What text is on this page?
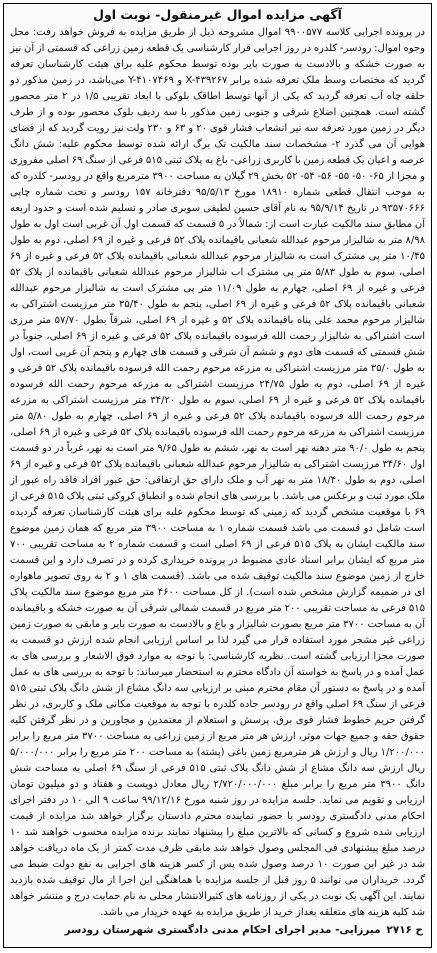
آگهی مزایده اموال غیرمنقول- نوبت اول

در پرونده اجرایی کلاسه ۹۹۰۰۵۷۷ اموال مشروحه ذیل از طریق مزایده به فروش خواهد رفت: محل وجوه اموال: رودسر- کلدره در روز اجرایی قرار کارشناسی یک قطعه زمین زراعی که قسمتی از آن نیز به صورت خشکه و بالادست به صورت بایر بوده توسط محکوم علیه برای هیئت کارشناسان تعرفه گردید که مختصات وسط ملک تعرفه شده برابر X-۴۳۹۲۶۷ و Y-۴۱۰۷۴۶۹ می‌باشد، در زمین مذکور دو حلقه چاه آب تعرفه گردید که یکی از آنها توسط اطاقک بلوکی با ابعاد تقریبی ۱/۵ در ۲ متر محصور گشته است. همچنین اضلاع شرقی و جنوبی زمین مذکور با سه ردیف بلوک محصور بوده و از طرف دیگر در زمین مورد تعرفه سه تیر انشعاب فشار قوی ۲۰ و ۶۳ و ۲۳۰ ولت نیز رویت گردید که از فضای هوایی آن می گذرد ۲- مشخصات سند مالکیت تک برگ ارائه شده توسط محکوم علیه: شش دانگ عرصه و اعیان یک قطعه زمین با کاربری زراعی- باغ به پلاک ثبتی ۵۱۵ فرعی از سنگ ۶۹ اصلی مفروزی و مجزا از ۶۵- ۵۰- ۵۵- ۵۶- ۵۴- ۵۲ بخش ۲۹ گیلان به مساحت ۳۹۰۰ مترمربع واقع در رودسر- کلدره که به موجب انتقال قطعی شماره ۱۸۹۱۰ مورخ ۹۵/۵/۱۳ دفترخانه ۱۵۷ رودسر و تحت شماره چاپی ۹۳۵۷۰۶۶۶ در تاریخ ۹۵/۹/۱۴ به نام آقای حسین لطیفی سوبری صادر و تسلیم شده است و حدود اربعه آن مطابق سند مالکیت عبارت است از: شمالاً در ۵ قسمت که قسمت اول آن غربی است اول به طول ۸/۹۸ متر به شالیزار مرحوم عبدالله شعبانی باقیمانده پلاک ۵۲ فرعی و غیره از ۶۹ اصلی، دوم به طول ۱۰/۴۵ متر پی مشترک است به شالیزار مرحوم عبدالله شعبانی باقیمانده پلاک ۵۲ فرعی و غیره از ۶۹ اصلی، سوم به طول ۵/۸۳ متر پی مشترک اب شالیزار مرحوم عبدالله شعبانی باقیمانده از پلاک ۵۲ فرعی و غیره از ۶۹ اصلی، چهارم به طول ۱۱/۰۹ متر پی مشترک است به شالیزار مرحوم عبدالله شعبانی باقیمانده پلاک ۵۲ فرعی و غیره از ۶۹ اصلی، پنجم به طول ۳۵/۴۰ متر مرزیست اشتراکی به شالیزار مرحوم محمد علی پناه باقیمانده پلاک ۵۲ و غیره از ۶۹ اصلی، شرقاً بطول ۵۷/۷۰ متر مرزی است اشتراکی به شالیزار رحمت الله فرسوده باقیمانده پلاک ۵۲ فرعی و غیره از ۶۹ اصلی، جنوباً در شش قسمتی که قسمت های دوم و ششم آن شرقی و قسمت های چهارم و پنجم آن غربی است، اول به طول ۳۵/۰ متر مرزیست اشتراکی به مزرعه مرحوم رحمت الله فرسوده باقیمانده پلاک ۵۲ فرعی و غیره از ۶۹ اصلی، دوم به طول ۲۴/۷۵ مرزیست اشتراکی به مزرعه مرحوم رحمت الله فرسوده باقیمانده پلاک ۵۲ فرعی و غیره از ۶۹ اصلی، سوم به طول ۳۴/۲۰ متر مرزیست اشتراکی به مزرعه مرحوم رحمت الله فرسوده باقیمانده پلاک ۵۲ فرعی و غیره از ۶۹ اصلی، چهارم به طول ۵/۸۰ متر مرزیست اشتراکی به مزرعه مرحوم رحمت الله فرسوده باقیمانده پلاک ۵۲ فرعی و غیره از ۶۹ اصلی، پنجم به طول ۹۰/۰ متر دهنه نهر است به نهر، ششم به طول ۹/۶۵ متر است به نهر، غرباً در دو قسمت اول ۳۴/۶۰ مرزیست اشتراکی به شالیزار مرحوم عبدالله شعبانی باقیمانده پلاک ۵۲ فرعی و غیره از ۶۹ اصلی، دوم به طول ۱۸/۴۰ متر به نهر آب و ملک دارای حق ارتفاقی: حق عبور افراد فاقد راه عبور از ملک مورد ثبت و برعکس می باشد. با بررسی های انجام شده و انطباق کروکی ثبتی پلاک ۵۱۵ فرعی از ۶۹ با موقعیت مشخص گردید که زمینی که توسط محکوم علیه برای هیئت کارشناسان تعرفه گردیده است شامل دو قسمت می باشد قسمت شماره ۱ به مساحت ۳۹۰۰ متر مربع که همان زمین موضوع سند مالکیت ایشان به پلاک ۵۱۵ فرعی از ۶۹ اصلی است و قسمت شماره ۲ به مساحت تقریبی ۷۰۰ متر مربع که ایشان برابر اسناد عادی مضبوط در پرونده خریداری کرده و در تصرف دارد و این قسمت خارج از زمین موضوع سند مالکیت توقیف شده می باشد. (قسمت های ۱ و ۲ به روی تصویر ماهواره ای در ضمیمه گزارش مشخص شده است). از کل مساحت ۴۶۰۰ متر مربع موضوع سند مالکیت پلاک ۵۱۵ فرعی به مساحت تقریبی ۲۰۰ متر مربع در قسمت شمالی شرقی آن به صورت خشکه و باقیمانده آن به مساحت ۳۷۰۰ متر مربع بصورت شالیزار و باغ و بالادست به صورت بایر و مابقی به صورت زمین زراعی غیر مشجر مورد استفاده قرار می گیرد لذا بر اساس ارزیابی انجام شده ارزش دو قسمت به صورت مجزا ارزیابی گشته است. نظریه کارشناسی: با توجه به موارد فوق الاشعار و بررسی های به عمل آمده و در پاسخ به خواسته آن دادگاه محترم به استحضار میرساند: با توجه به بررسی های به عمل آمده و در پاسخ به دستور آن مقام محترم مبنی بر ارزیابی سه دانگ مشاع از شش دانگ پلاک ثبتی ۵۱۵ فرعی از سنگ ۶۹ اصلی واقع در رودسر جاده کلدره با توجه به موقعیت مکانی ملک و کاربری، در نظر گرفتن حریم خطوط فشار قوی برق، پرسش و استعلام از معتمدین و مجاورین و در نظر گرفتن کلیه حقوق حقه و جمیع جهات موثر، ارزش هر متر مربع از زمین زراعی به مساحت ۳۷۰۰ متر مربع را برابر ۱/۲۰۰/۰۰۰ ریال و ارزش هر مترمربع زمین باغی (پشته) به مساحت ۲۰۰ متر مربع را برابر ۵/۰۰۰/۰۰۰ ریال ارزش سه دانگ مشاع از شش دانگ پلاک ثبتی ۵۱۵ فرعی از سنگ ۶۹ اصلی به مساحت شش دانگ ۳۹۰۰ متر مربع را برابر مبلغ ۲/۷۲۰/۰۰۰/۰۰۰ ریال معادل دویست و هفتاد و دو میلیون تومان ارزیابی و تقویم می نماید. جلسه مزایده در روز شنبه مورخ ۹۹/۱۲/۱۶ ساعت ۹ الی ۱۰ در دفتر اجرای احکام مدنی دادگستری رودسر با حضور نماینده محترم دادستان برگزار خواهد شد مزایده از قیمت ارزیابی شده شروع و کسانی که بالاترین مبلغ را پیشنهاد نمایند برنده مزایده محسوب خواهند شد ۱۰ درصد مبلغ پیشنهادی فی المجلس وصول خواهد شد مابقی ظرف مدت کمتر از یک ماه دریافت خواهد شد در غیر این صورت ۱۰ درصد وصول شده پس از کسر هزینه های اجرایی به نفع دولت ضبط می گردد. خریداران می توانند ۵ روز قبل از جلسه مزایده با هماهنگی این اجرا از مال توقیف شده بازدید نمایند. این آگهی یک نوبت در یکی از روزنامه های کثیرالانتشار محلی به نام حمایت درج و منتشر خواهد شد کلیه هزینه های متعلقه بعداز خرید از طریق مزایده به عهده خریدار می باشد.

ح ۲۷۱۶
میرزایی- مدیر اجرای احکام مدنی دادگستری شهرستان رودسر
